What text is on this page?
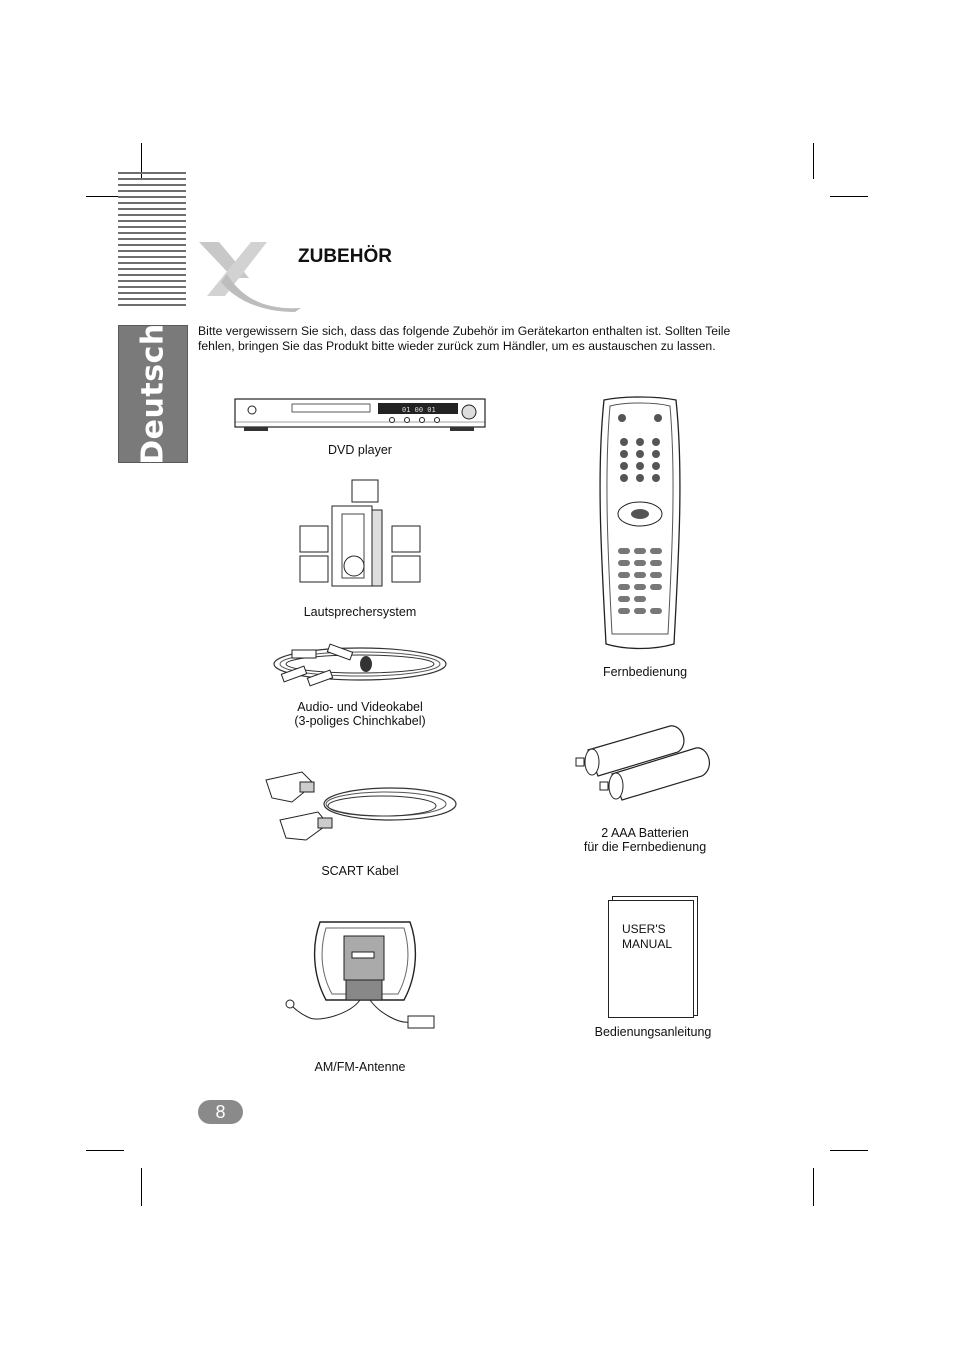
Deutsch
ZUBEHÖR
Bitte vergewissern Sie sich, dass das folgende Zubehör im Gerätekarton enthalten ist. Sollten Teile
fehlen, bringen Sie das Produkt bitte wieder zurück zum Händler, um es austauschen zu lassen.
01 00 01
DVD player
Lautsprechersystem
Audio- und Videokabel
(3-poliges Chinchkabel)
SCART Kabel
AM/FM-Antenne
Fernbedienung
2 AAA Batterien
für die Fernbedienung
USER'S
MANUAL
Bedienungsanleitung
8
